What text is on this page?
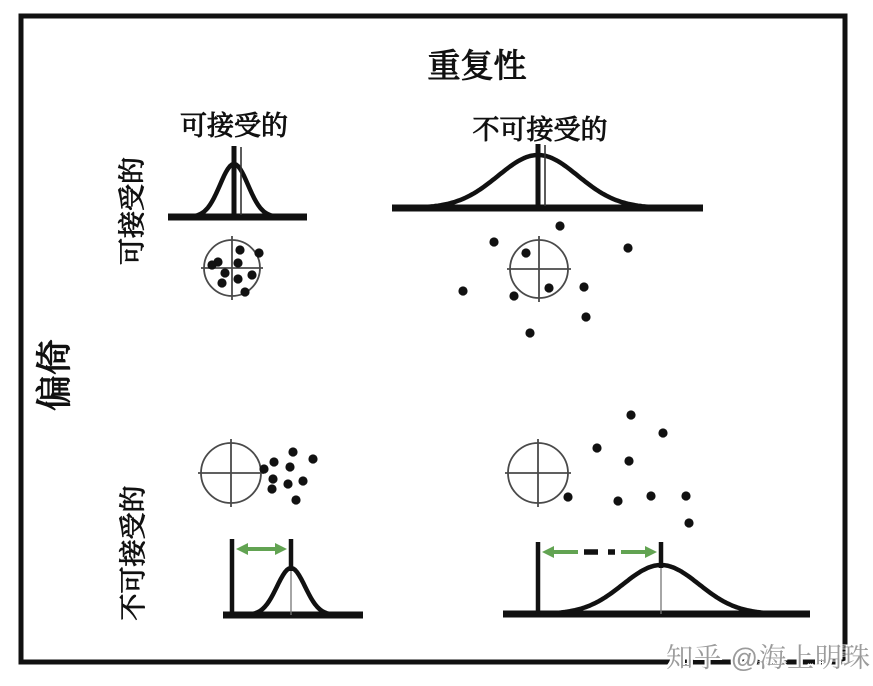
重复性
可接受的	不可接受的
可接受的
不可接受的
偏倚
知乎 @海上明珠
